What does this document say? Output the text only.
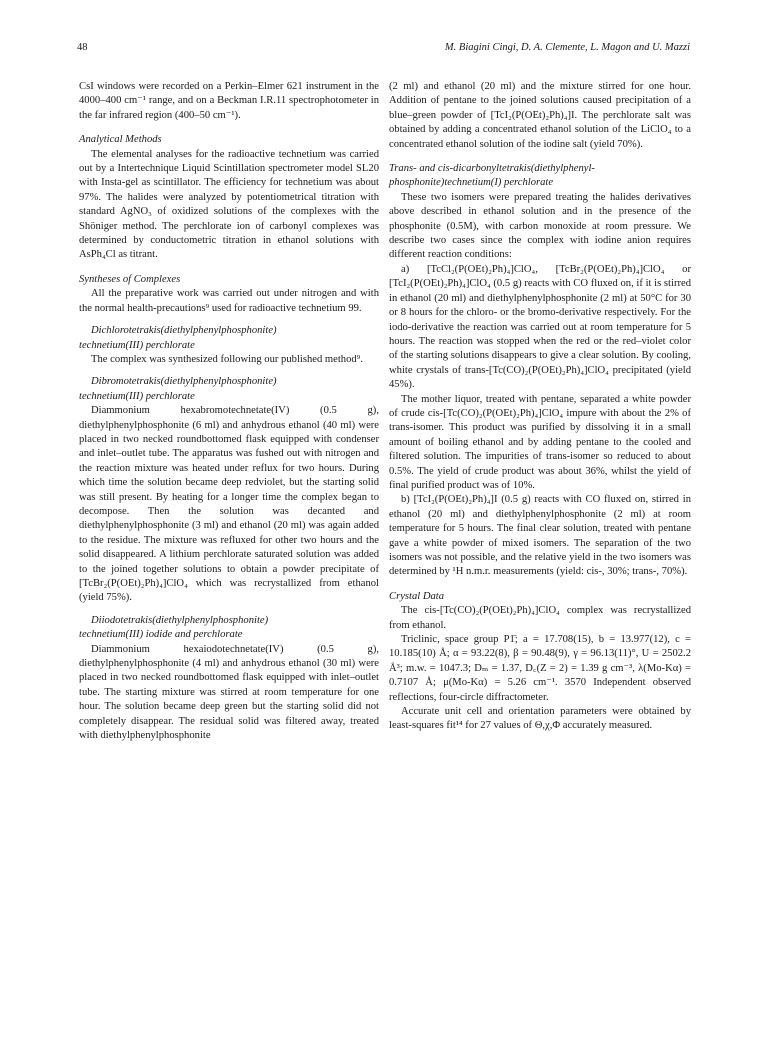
48	M. Biagini Cingi, D. A. Clemente, L. Magon and U. Mazzi

CsI windows were recorded on a Perkin–Elmer 621 instrument in the 4000–400 cm⁻¹ range, and on a Beckman I.R.11 spectrophotometer in the far infrared region (400–50 cm⁻¹).

Analytical Methods

The elemental analyses for the radioactive technetium was carried out by a Intertechnique Liquid Scintillation spectrometer model SL20 with Insta-gel as scintillator. The efficiency for technetium was about 97%. The halides were analyzed by potentiometrical titration with standard AgNO₃ of oxidized solutions of the complexes with the Shöniger method. The perchlorate ion of carbonyl complexes was determined by conductometric titration in ethanol solutions with AsPh₄Cl as titrant.

Syntheses of Complexes

All the preparative work was carried out under nitrogen and with the normal health-precautions⁹ used for radioactive technetium 99.

Dichlorotetrakis(diethylphenylphosphonite)
technetium(III) perchlorate

The complex was synthesized following our published method⁹.

Dibromotetrakis(diethylphenylphosphonite)
technetium(III) perchlorate

Diammonium hexabromotechnetate(IV) (0.5 g), diethylphenylphosphonite (6 ml) and anhydrous ethanol (40 ml) were placed in two necked roundbottomed flask equipped with condenser and inlet–outlet tube. The apparatus was fushed out with nitrogen and the reaction mixture was heated under reflux for two hours. During which time the solution became deep redviolet, but the starting solid was still present. By heating for a longer time the complex began to decompose. Then the solution was decanted and diethylphenylphosphonite (3 ml) and ethanol (20 ml) was again added to the residue. The mixture was refluxed for other two hours and the solid disappeared. A lithium perchlorate saturated solution was added to the joined together solutions to obtain a powder precipitate of [TcBr₂(P(OEt)₂Ph)₄]ClO₄ which was recrystallized from ethanol (yield 75%).

Diiodotetrakis(diethylphenylphosphonite)
technetium(III) iodide and perchlorate

Diammonium hexaiodotechnetate(IV) (0.5 g), diethylphenylphosphonite (4 ml) and anhydrous ethanol (30 ml) were placed in two necked roundbottomed flask equipped with inlet–outlet tube. The starting mixture was stirred at room temperature for one hour. The solution became deep green but the starting solid did not completely disappear. The residual solid was filtered away, treated with diethylphenylphosphonite

(2 ml) and ethanol (20 ml) and the mixture stirred for one hour. Addition of pentane to the joined solutions caused precipitation of a blue–green powder of [TcI₂(P(OEt)₂Ph)₄]I. The perchlorate salt was obtained by adding a concentrated ethanol solution of the LiClO₄ to a concentrated ethanol solution of the iodine salt (yield 70%).

Trans- and cis-dicarbonyltetrakis(diethylphenyl-
phosphonite)technetium(I) perchlorate

These two isomers were prepared treating the halides derivatives above described in ethanol solution and in the presence of the phosphonite (0.5M), with carbon monoxide at room pressure. We describe two cases since the complex with iodine anion requires different reaction conditions:

a) [TcCl₂(P(OEt)₂Ph)₄]ClO₄, [TcBr₂(P(OEt)₂Ph)₄]ClO₄ or [TcI₂(P(OEt)₂Ph)₄]ClO₄ (0.5 g) reacts with CO fluxed on, if it is stirred in ethanol (20 ml) and diethylphenylphosphonite (2 ml) at 50°C for 30 or 8 hours for the chloro- or the bromo-derivative respectively. For the iodo-derivative the reaction was carried out at room temperature for 5 hours. The reaction was stopped when the red or the red–violet color of the starting solutions disappears to give a clear solution. By cooling, white crystals of trans-[Tc(CO)₂(P(OEt)₂Ph)₄]ClO₄ precipitated (yield 45%).

The mother liquor, treated with pentane, separated a white powder of crude cis-[Tc(CO)₂(P(OEt)₂Ph)₄]ClO₄ impure with about the 2% of trans-isomer. This product was purified by dissolving it in a small amount of boiling ethanol and by adding pentane to the cooled and filtered solution. The impurities of trans-isomer so reduced to about 0.5%. The yield of crude product was about 36%, whilst the yield of final purified product was of 10%.

b) [TcI₂(P(OEt)₂Ph)₄]I (0.5 g) reacts with CO fluxed on, stirred in ethanol (20 ml) and diethylphenylphosphonite (2 ml) at room temperature for 5 hours. The final clear solution, treated with pentane gave a white powder of mixed isomers. The separation of the two isomers was not possible, and the relative yield in the two isomers was determined by ¹H n.m.r. measurements (yield: cis-, 30%; trans-, 70%).

Crystal Data

The cis-[Tc(CO)₂(P(OEt)₂Ph)₄]ClO₄ complex was recrystallized from ethanol.

Triclinic, space group P1̄; a = 17.708(15), b = 13.977(12), c = 10.185(10) Å; α = 93.22(8), β = 90.48(9), γ = 96.13(11)°, U = 2502.2 Å³; m.w. = 1047.3; Dₘ = 1.37, D꜀(Z = 2) = 1.39 g cm⁻³, λ(Mo-Kα) = 0.7107 Å; μ(Mo-Kα) = 5.26 cm⁻¹. 3570 Independent observed reflections, four-circle diffractometer.

Accurate unit cell and orientation parameters were obtained by least-squares fit¹⁴ for 27 values of Θ,χ,Φ accurately measured.
